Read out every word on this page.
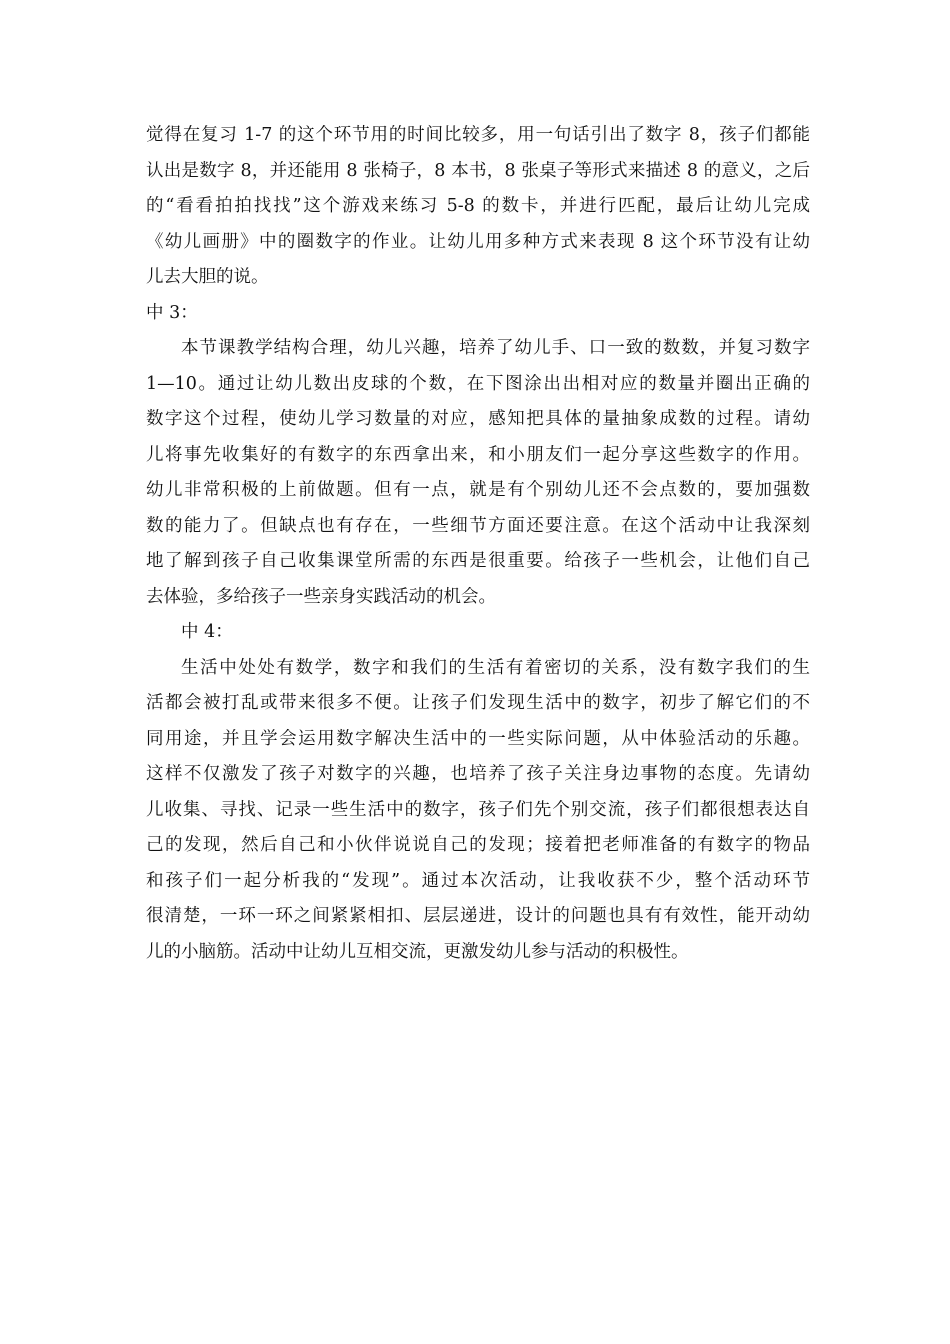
觉得在复习 1-7 的这个环节用的时间比较多，用一句话引出了数字 8，孩子们都能
认出是数字 8，并还能用 8 张椅子，8 本书，8 张桌子等形式来描述 8 的意义，之后
的“看看拍拍找找”这个游戏来练习 5-8 的数卡，并进行匹配，最后让幼儿完成
《幼儿画册》中的圈数字的作业。让幼儿用多种方式来表现 8 这个环节没有让幼
儿去大胆的说。
中 3：
本节课教学结构合理，幼儿兴趣，培养了幼儿手、口一致的数数，并复习数字
1—10。通过让幼儿数出皮球的个数，在下图涂出出相对应的数量并圈出正确的
数字这个过程，使幼儿学习数量的对应，感知把具体的量抽象成数的过程。请幼
儿将事先收集好的有数字的东西拿出来，和小朋友们一起分享这些数字的作用。
幼儿非常积极的上前做题。但有一点，就是有个别幼儿还不会点数的，要加强数
数的能力了。但缺点也有存在，一些细节方面还要注意。在这个活动中让我深刻
地了解到孩子自己收集课堂所需的东西是很重要。给孩子一些机会，让他们自己
去体验，多给孩子一些亲身实践活动的机会。
中 4：
生活中处处有数学，数字和我们的生活有着密切的关系，没有数字我们的生
活都会被打乱或带来很多不便。让孩子们发现生活中的数字，初步了解它们的不
同用途，并且学会运用数字解决生活中的一些实际问题，从中体验活动的乐趣。
这样不仅激发了孩子对数字的兴趣，也培养了孩子关注身边事物的态度。先请幼
儿收集、寻找、记录一些生活中的数字，孩子们先个别交流，孩子们都很想表达自
己的发现，然后自己和小伙伴说说自己的发现；接着把老师准备的有数字的物品
和孩子们一起分析我的“发现”。通过本次活动，让我收获不少，整个活动环节
很清楚，一环一环之间紧紧相扣、层层递进，设计的问题也具有有效性，能开动幼
儿的小脑筋。活动中让幼儿互相交流，更激发幼儿参与活动的积极性。
